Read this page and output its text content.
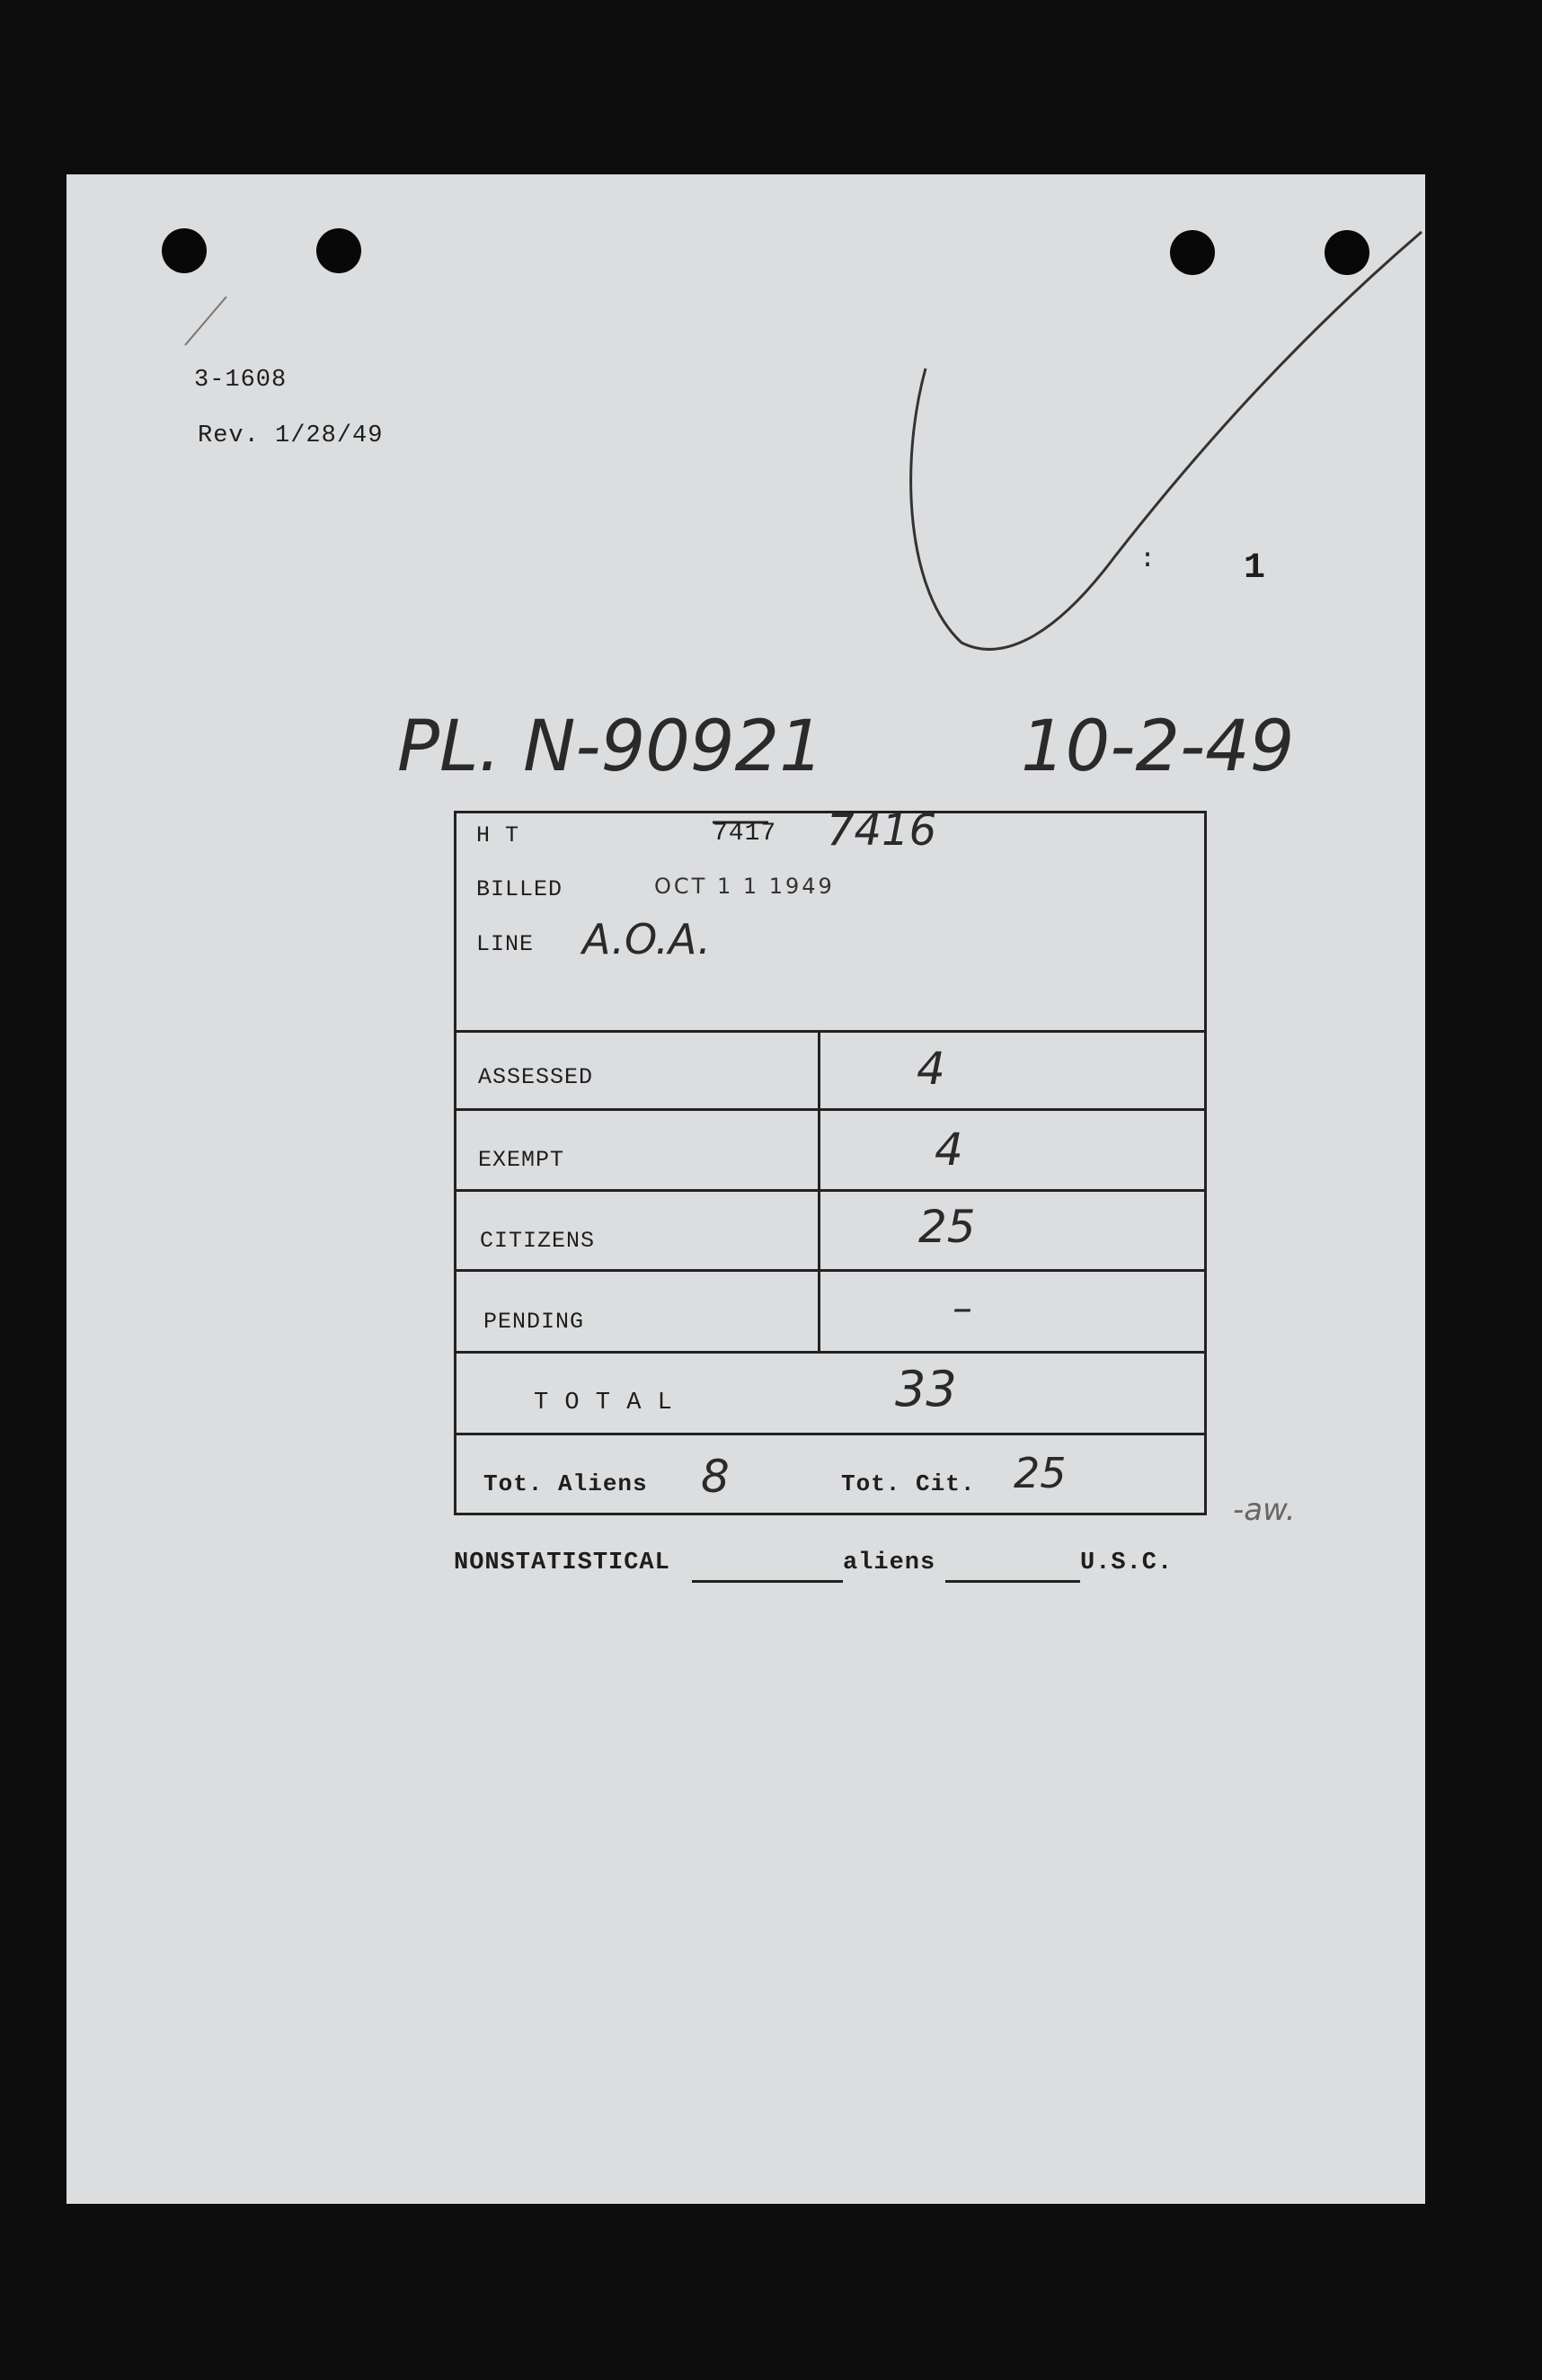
3-1608
Rev. 1/28/49
1
:
PL. N-90921	10-2-49
H T	7417 7416
BILLED	OCT 1 1 1949
LINE A.O.A.
ASSESSED	4
EXEMPT	4
CITIZENS	25
PENDING	–
T O T A L	33
Tot. Aliens 8	Tot. Cit. 25
-aw.
NONSTATISTICAL	aliens	U.S.C.
